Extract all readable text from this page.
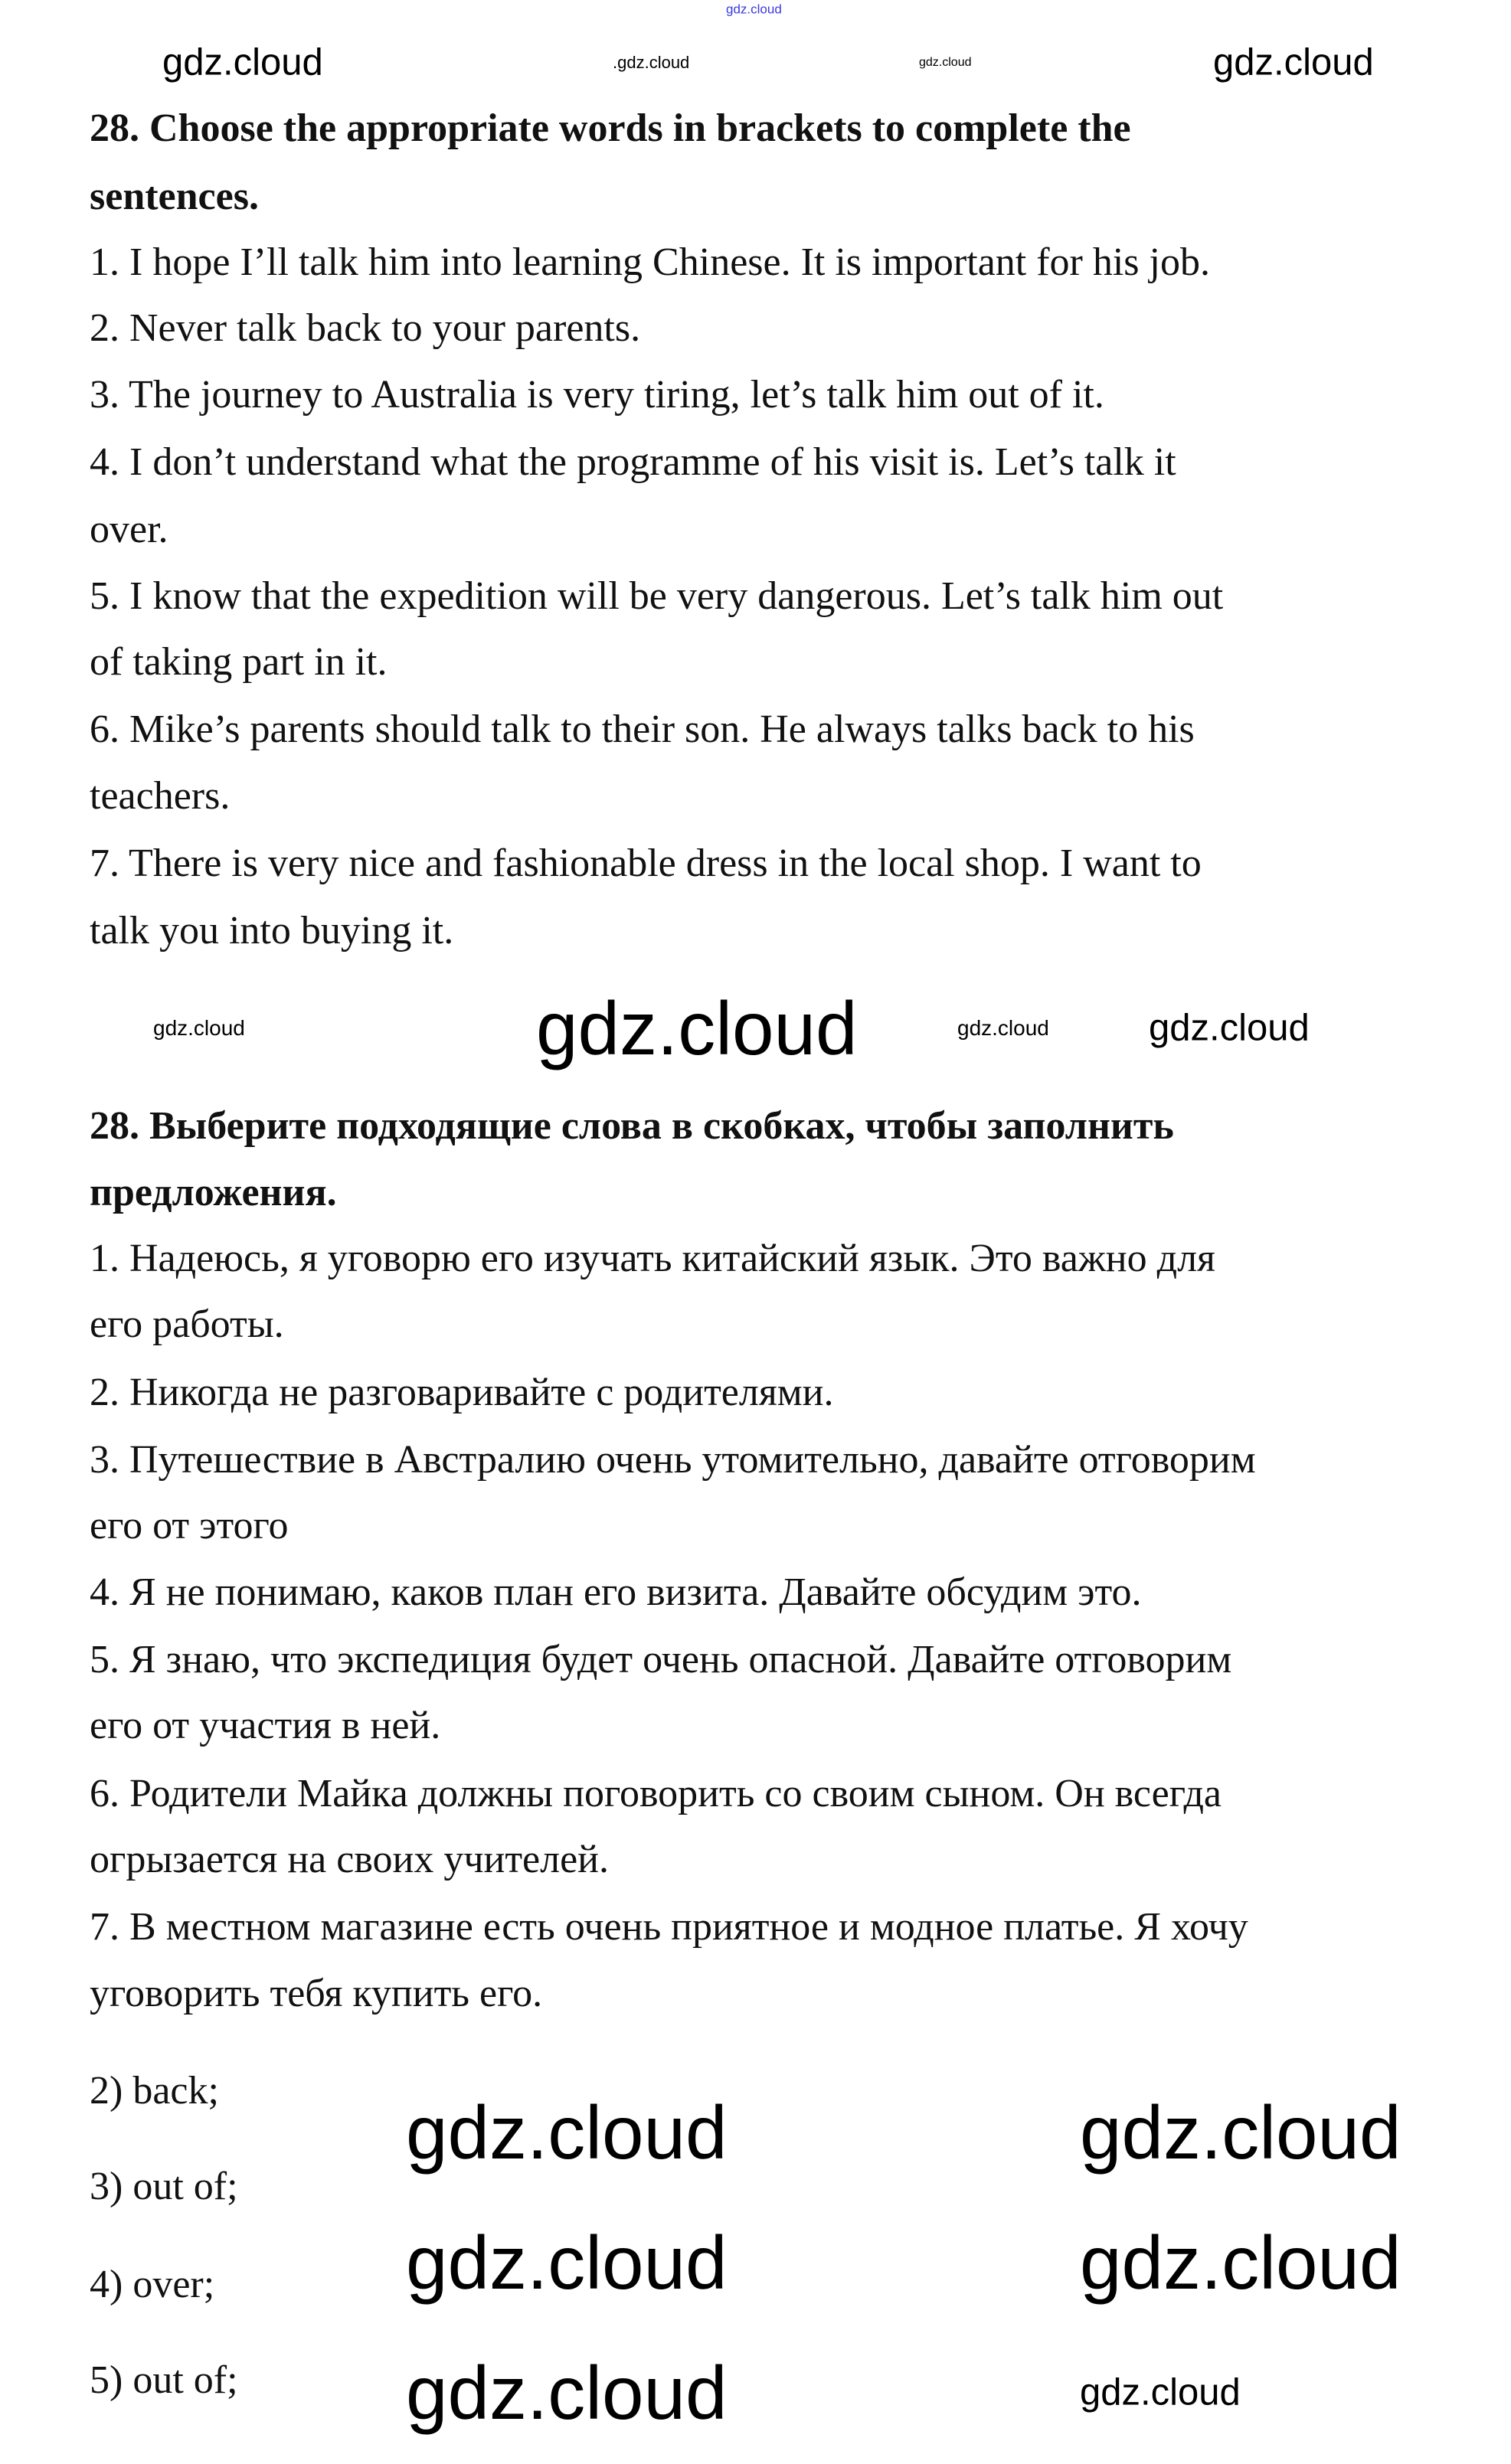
28. Choose the appropriate words in brackets to complete the
sentences.
1. I hope I’ll talk him into learning Chinese. It is important for his job.
2. Never talk back to your parents.
3. The journey to Australia is very tiring, let’s talk him out of it.
4. I don’t understand what the programme of his visit is. Let’s talk it
over.
5. I know that the expedition will be very dangerous. Let’s talk him out
of taking part in it.
6. Mike’s parents should talk to their son. He always talks back to his
teachers.
7. There is very nice and fashionable dress in the local shop. I want to
talk you into buying it.
28. Выберите подходящие слова в скобках, чтобы заполнить
предложения.
1. Надеюсь, я уговорю его изучать китайский язык. Это важно для
его работы.
2. Никогда не разговаривайте с родителями.
3. Путешествие в Австралию очень утомительно, давайте отговорим
его от этого
4. Я не понимаю, каков план его визита. Давайте обсудим это.
5. Я знаю, что экспедиция будет очень опасной. Давайте отговорим
его от участия в ней.
6. Родители Майка должны поговорить со своим сыном. Он всегда
огрызается на своих учителей.
7. В местном магазине есть очень приятное и модное платье. Я хочу
уговорить тебя купить его.
2) back;
3) out of;
4) over;
5) out of;
gdz.cloud
gdz.cloud	.gdz.cloud	gdz.cloud	gdz.cloud
gdz.cloud	gdz.cloud	gdz.cloud	gdz.cloud
gdz.cloud	gdz.cloud
gdz.cloud	gdz.cloud
gdz.cloud	gdz.cloud
